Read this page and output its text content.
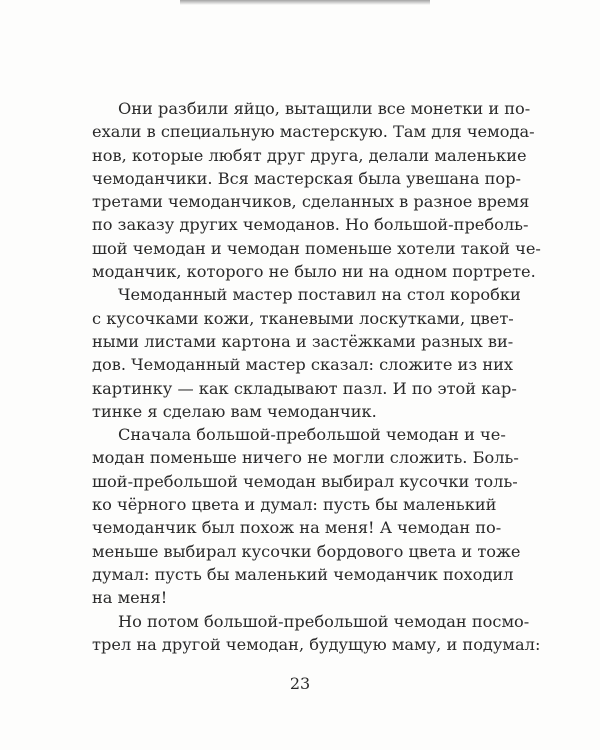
Они разбили яйцо, вытащили все монетки и по-
ехали в специальную мастерскую. Там для чемода-
нов, которые любят друг друга, делали маленькие
чемоданчики. Вся мастерская была увешана пор-
третами чемоданчиков, сделанных в разное время
по заказу других чемоданов. Но большой-преболь-
шой чемодан и чемодан поменьше хотели такой че-
моданчик, которого не было ни на одном портрете.
Чемоданный мастер поставил на стол коробки
с кусочками кожи, тканевыми лоскутками, цвет-
ными листами картона и застёжками разных ви-
дов. Чемоданный мастер сказал: сложите из них
картинку — как складывают пазл. И по этой кар-
тинке я сделаю вам чемоданчик.
Сначала большой-пребольшой чемодан и че-
модан поменьше ничего не могли сложить. Боль-
шой-пребольшой чемодан выбирал кусочки толь-
ко чёрного цвета и думал: пусть бы маленький
чемоданчик был похож на меня! А чемодан по-
меньше выбирал кусочки бордового цвета и тоже
думал: пусть бы маленький чемоданчик походил
на меня!
Но потом большой-пребольшой чемодан посмо-
трел на другой чемодан, будущую маму, и подумал:
23
